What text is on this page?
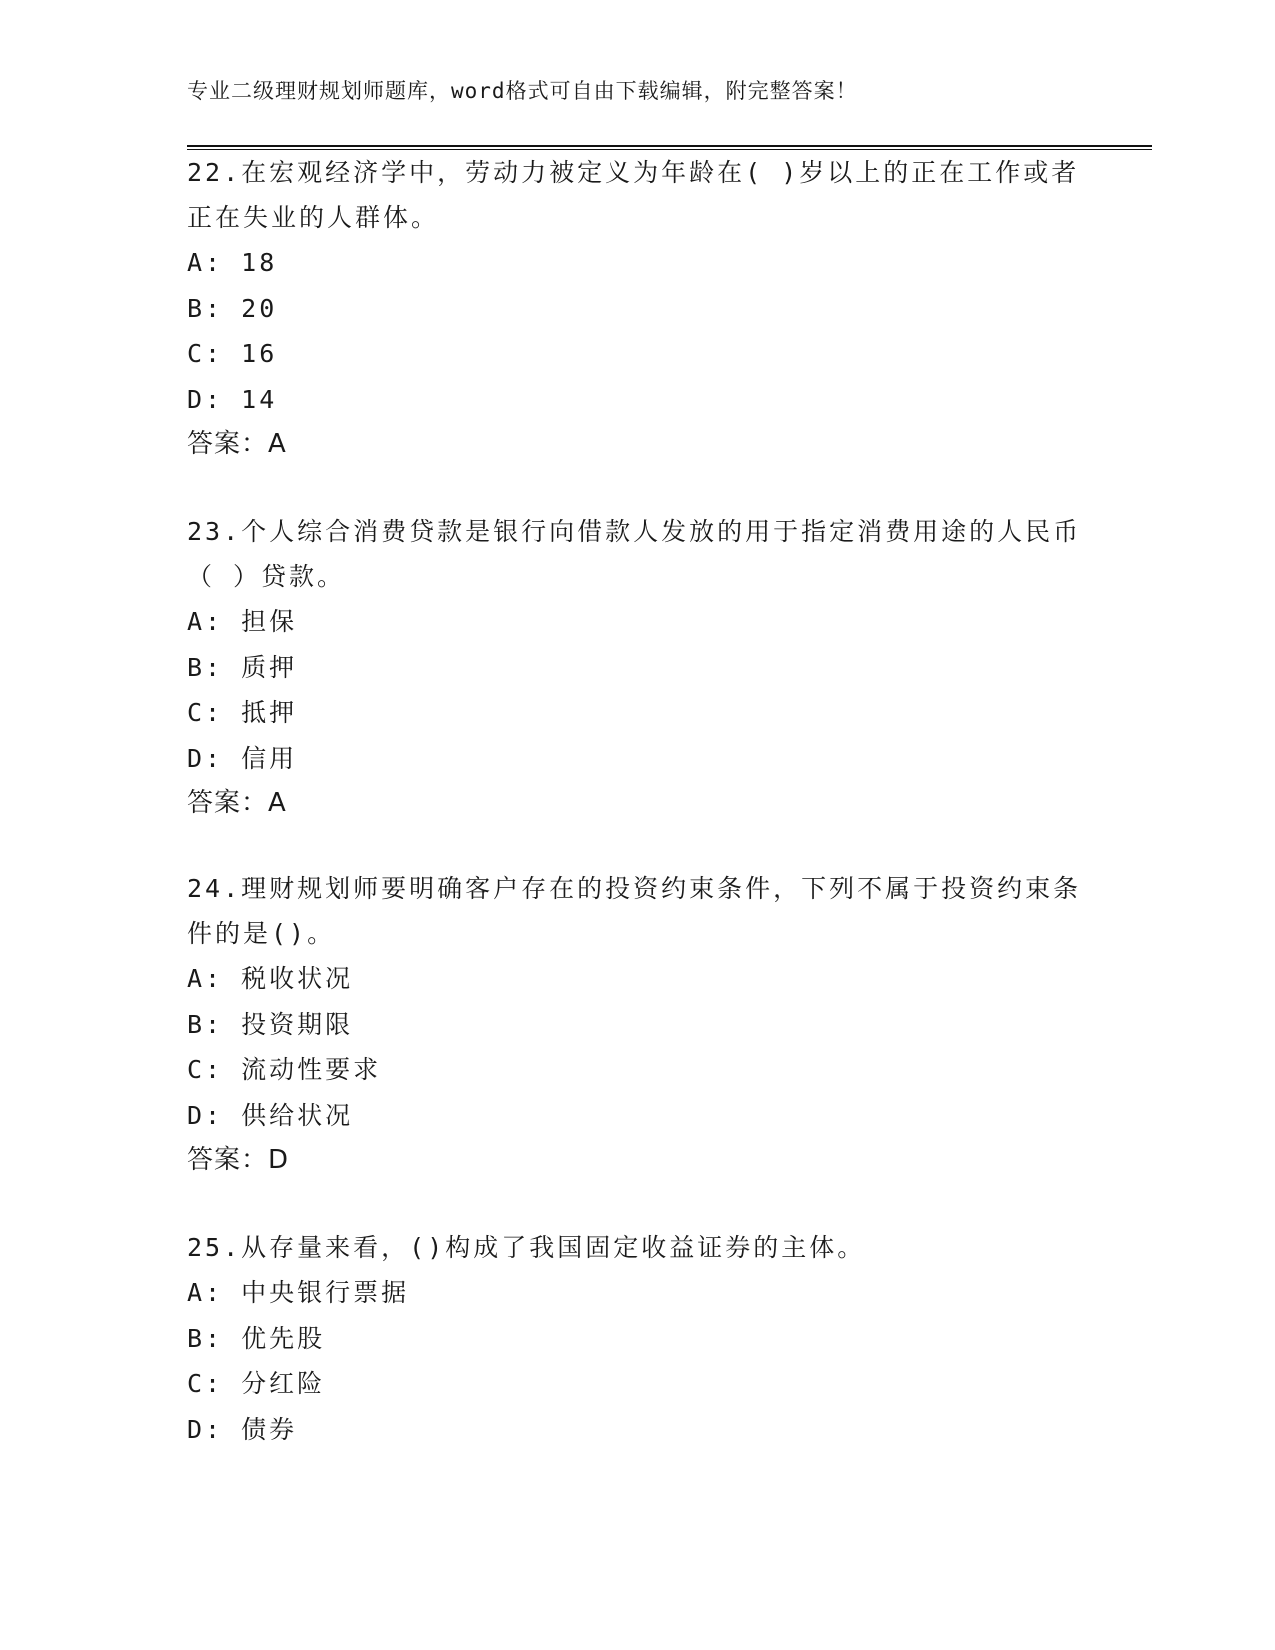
专业二级理财规划师题库，word格式可自由下载编辑，附完整答案！

22.在宏观经济学中，劳动力被定义为年龄在( )岁以上的正在工作或者正在失业的人群体。

A: 18

B: 20

C: 16

D: 14

答案：A

23.个人综合消费贷款是银行向借款人发放的用于指定消费用途的人民币（ ）贷款。

A: 担保

B: 质押

C: 抵押

D: 信用

答案：A

24.理财规划师要明确客户存在的投资约束条件，下列不属于投资约束条件的是()。

A: 税收状况

B: 投资期限

C: 流动性要求

D: 供给状况

答案：D

25.从存量来看，()构成了我国固定收益证券的主体。

A: 中央银行票据

B: 优先股

C: 分红险

D: 债券
